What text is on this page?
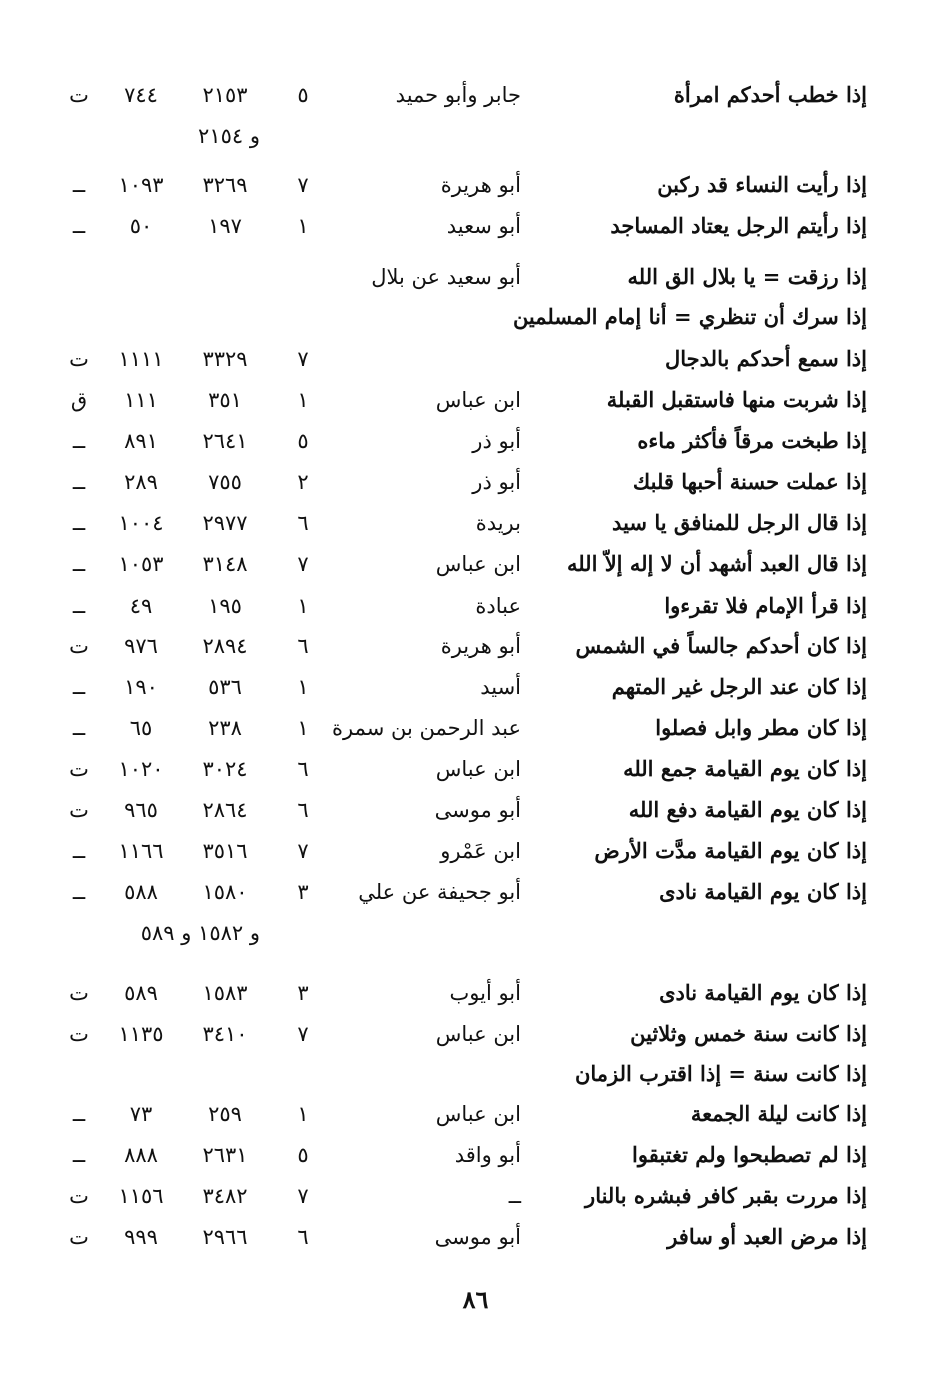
إذا خطب أحدكم امرأة
جابر وأبو حميد
٥
٢١٥٣
٧٤٤
ت
و ٢١٥٤
إذا رأيت النساء قد ركبن
أبو هريرة
٧
٣٢٦٩
١٠٩٣
ــ
إذا رأيتم الرجل يعتاد المساجد
أبو سعيد
١
١٩٧
٥٠
ــ
إذا رزقت = يا بلال الق الله
أبو سعيد عن بلال
إذا سرك أن تنظري = أنا إمام المسلمين
إذا سمع أحدكم بالدجال
٧
٣٣٢٩
١١١١
ت
إذا شربت منها فاستقبل القبلة
ابن عباس
١
٣٥١
١١١
ق
إذا طبخت مرقاً فأكثر ماءه
أبو ذر
٥
٢٦٤١
٨٩١
ــ
إذا عملت حسنة أحبها قلبك
أبو ذر
٢
٧٥٥
٢٨٩
ــ
إذا قال الرجل للمنافق يا سيد
بريدة
٦
٢٩٧٧
١٠٠٤
ــ
إذا قال العبد أشهد أن لا إله إلاّ الله
ابن عباس
٧
٣١٤٨
١٠٥٣
ــ
إذا قرأ الإمام فلا تقرءوا
عبادة
١
١٩٥
٤٩
ــ
إذا كان أحدكم جالساً في الشمس
أبو هريرة
٦
٢٨٩٤
٩٧٦
ت
إذا كان عند الرجل غير المتهم
أسيد
١
٥٣٦
١٩٠
ــ
إذا كان مطر وابل فصلوا
عبد الرحمن بن سمرة
١
٢٣٨
٦٥
ــ
إذا كان يوم القيامة جمع الله
ابن عباس
٦
٣٠٢٤
١٠٢٠
ت
إذا كان يوم القيامة دفع الله
أبو موسى
٦
٢٨٦٤
٩٦٥
ت
إذا كان يوم القيامة مدَّت الأرض
ابن عَمْرو
٧
٣٥١٦
١١٦٦
ــ
إذا كان يوم القيامة نادى
أبو جحيفة عن علي
٣
١٥٨٠
٥٨٨
ــ
و ١٥٨٢ و ٥٨٩
إذا كان يوم القيامة نادى
أبو أيوب
٣
١٥٨٣
٥٨٩
ت
إذا كانت سنة خمس وثلاثين
ابن عباس
٧
٣٤١٠
١١٣٥
ت
إذا كانت سنة = إذا اقترب الزمان
إذا كانت ليلة الجمعة
ابن عباس
١
٢٥٩
٧٣
ــ
إذا لم تصطبحوا ولم تغتبقوا
أبو واقد
٥
٢٦٣١
٨٨٨
ــ
إذا مررت بقبر كافر فبشره بالنار
ــ
٧
٣٤٨٢
١١٥٦
ت
إذا مرض العبد أو سافر
أبو موسى
٦
٢٩٦٦
٩٩٩
ت
٨٦
